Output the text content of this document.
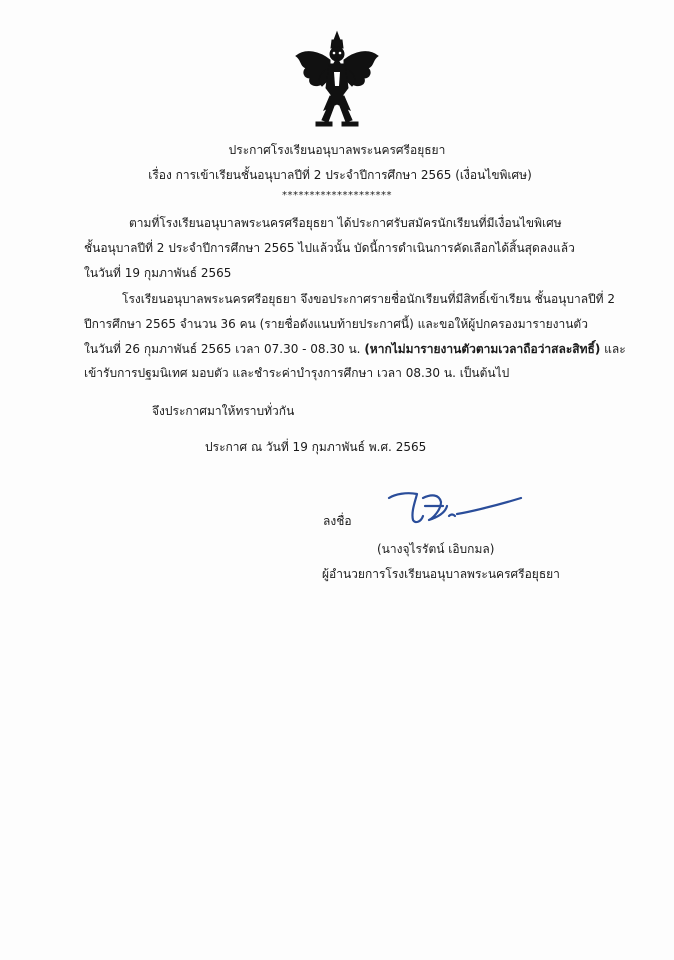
ประกาศโรงเรียนอนุบาลพระนครศรีอยุธยา
เรื่อง การเข้าเรียนชั้นอนุบาลปีที่ 2 ประจำปีการศึกษา 2565 (เงื่อนไขพิเศษ)
********************
ตามที่โรงเรียนอนุบาลพระนครศรีอยุธยา ได้ประกาศรับสมัครนักเรียนที่มีเงื่อนไขพิเศษ
ชั้นอนุบาลปีที่ 2 ประจำปีการศึกษา 2565 ไปแล้วนั้น บัดนี้การดำเนินการคัดเลือกได้สิ้นสุดลงแล้ว
ในวันที่ 19 กุมภาพันธ์ 2565
โรงเรียนอนุบาลพระนครศรีอยุธยา จึงขอประกาศรายชื่อนักเรียนที่มีสิทธิ์เข้าเรียน ชั้นอนุบาลปีที่ 2
ปีการศึกษา 2565 จำนวน 36 คน (รายชื่อดังแนบท้ายประกาศนี้) และขอให้ผู้ปกครองมารายงานตัว
ในวันที่ 26 กุมภาพันธ์ 2565 เวลา 07.30 - 08.30 น. (หากไม่มารายงานตัวตามเวลาถือว่าสละสิทธิ์) และ
เข้ารับการปฐมนิเทศ มอบตัว และชำระค่าบำรุงการศึกษา เวลา 08.30 น. เป็นต้นไป
จึงประกาศมาให้ทราบทั่วกัน
ประกาศ ณ วันที่ 19 กุมภาพันธ์ พ.ศ. 2565
ลงชื่อ
(นางจุไรรัตน์ เอิบกมล)
ผู้อำนวยการโรงเรียนอนุบาลพระนครศรีอยุธยา
